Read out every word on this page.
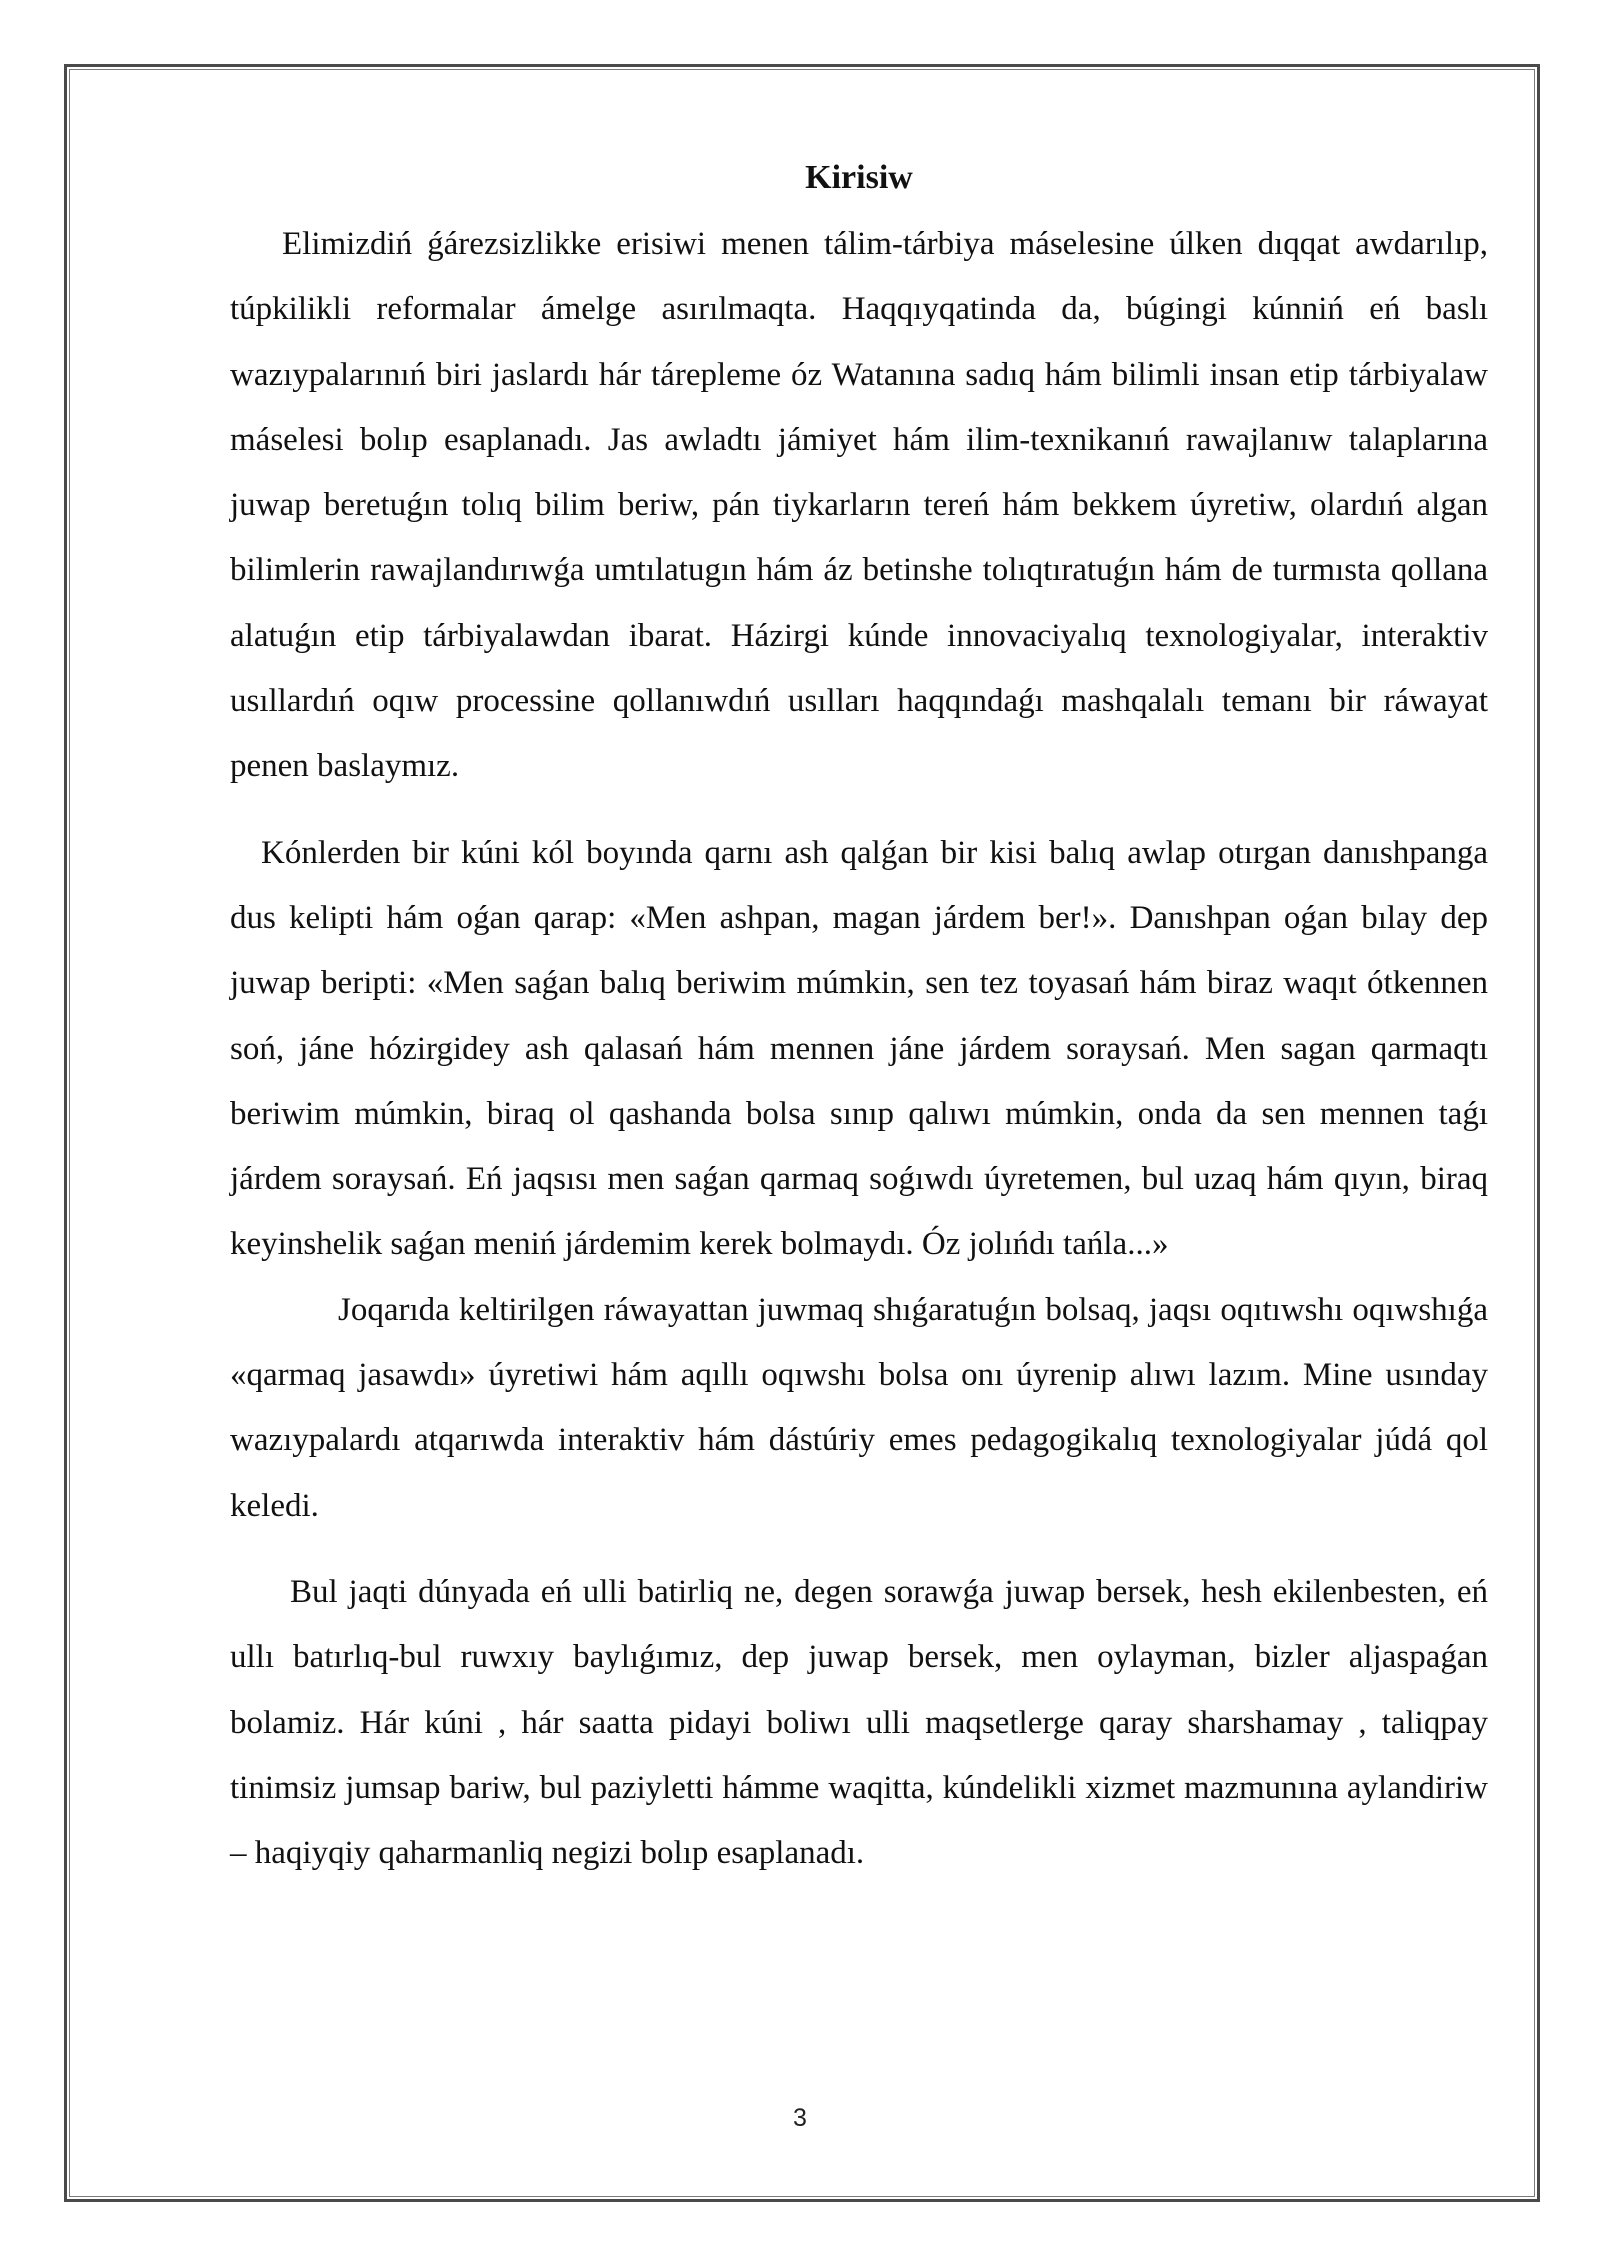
Kirisiw

Elimizdiń ǵárezsizlikke erisiwi menen tálim-tárbiya máselesine úlken dıqqat awdarılıp, túpkilikli reformalar ámelge asırılmaqta. Haqqıyqatinda da, búgingi kúnniń eń baslı wazıypalarınıń biri jaslardı hár tárepleme óz Watanına sadıq hám bilimli insan etip tárbiyalaw máselesi bolıp esaplanadı. Jas awladtı jámiyet hám ilim-texnikanıń rawajlanıw talaplarına juwap beretuǵın tolıq bilim beriw, pán tiykarların tereń hám bekkem úyretiw, olardıń algan bilimlerin rawajlandırıwǵa umtılatugın hám áz betinshe tolıqtıratuǵın hám de turmısta qollana alatuǵın etip tárbiyalawdan ibarat. Házirgi kúnde innovaciyalıq texnologiyalar, interaktiv usıllardıń oqıw processine qollanıwdıń usılları haqqındaǵı mashqalalı temanı bir ráwayat penen baslaymız.

Kónlerden bir kúni kól boyında qarnı ash qalǵan bir kisi balıq awlap otırgan danıshpanga dus kelipti hám oǵan qarap: «Men ashpan, magan járdem ber!». Danıshpan oǵan bılay dep juwap beripti: «Men saǵan balıq beriwim múmkin, sen tez toyasań hám biraz waqıt ótkennen soń, jáne hózirgidey ash qalasań hám mennen jáne járdem soraysań. Men sagan qarmaqtı beriwim múmkin, biraq ol qashanda bolsa sınıp qalıwı múmkin, onda da sen mennen taǵı járdem soraysań. Eń jaqsısı men saǵan qarmaq soǵıwdı úyretemen, bul uzaq hám qıyın, biraq keyinshelik saǵan meniń járdemim kerek bolmaydı. Óz jolıńdı tańla...»

Joqarıda keltirilgen ráwayattan juwmaq shıǵaratuǵın bolsaq, jaqsı oqıtıwshı oqıwshıǵa «qarmaq jasawdı» úyretiwi hám aqıllı oqıwshı bolsa onı úyrenip alıwı lazım. Mine usınday wazıypalardı atqarıwda interaktiv hám dástúriy emes pedagogikalıq texnologiyalar júdá qol keledi.

Bul jaqti dúnyada eń ulli batirliq ne, degen sorawǵa juwap bersek, hesh ekilenbesten, eń ullı batırlıq-bul ruwxıy baylıǵımız, dep juwap bersek, men oylayman, bizler aljaspaǵan bolamiz. Hár kúni , hár saatta pidayi boliwı ulli maqsetlerge qaray sharshamay , taliqpay tinimsiz jumsap bariw, bul paziyletti hámme waqitta, kúndelikli xizmet mazmunına aylandiriw – haqiyqiy qaharmanliq negizi bolıp esaplanadı.

3
